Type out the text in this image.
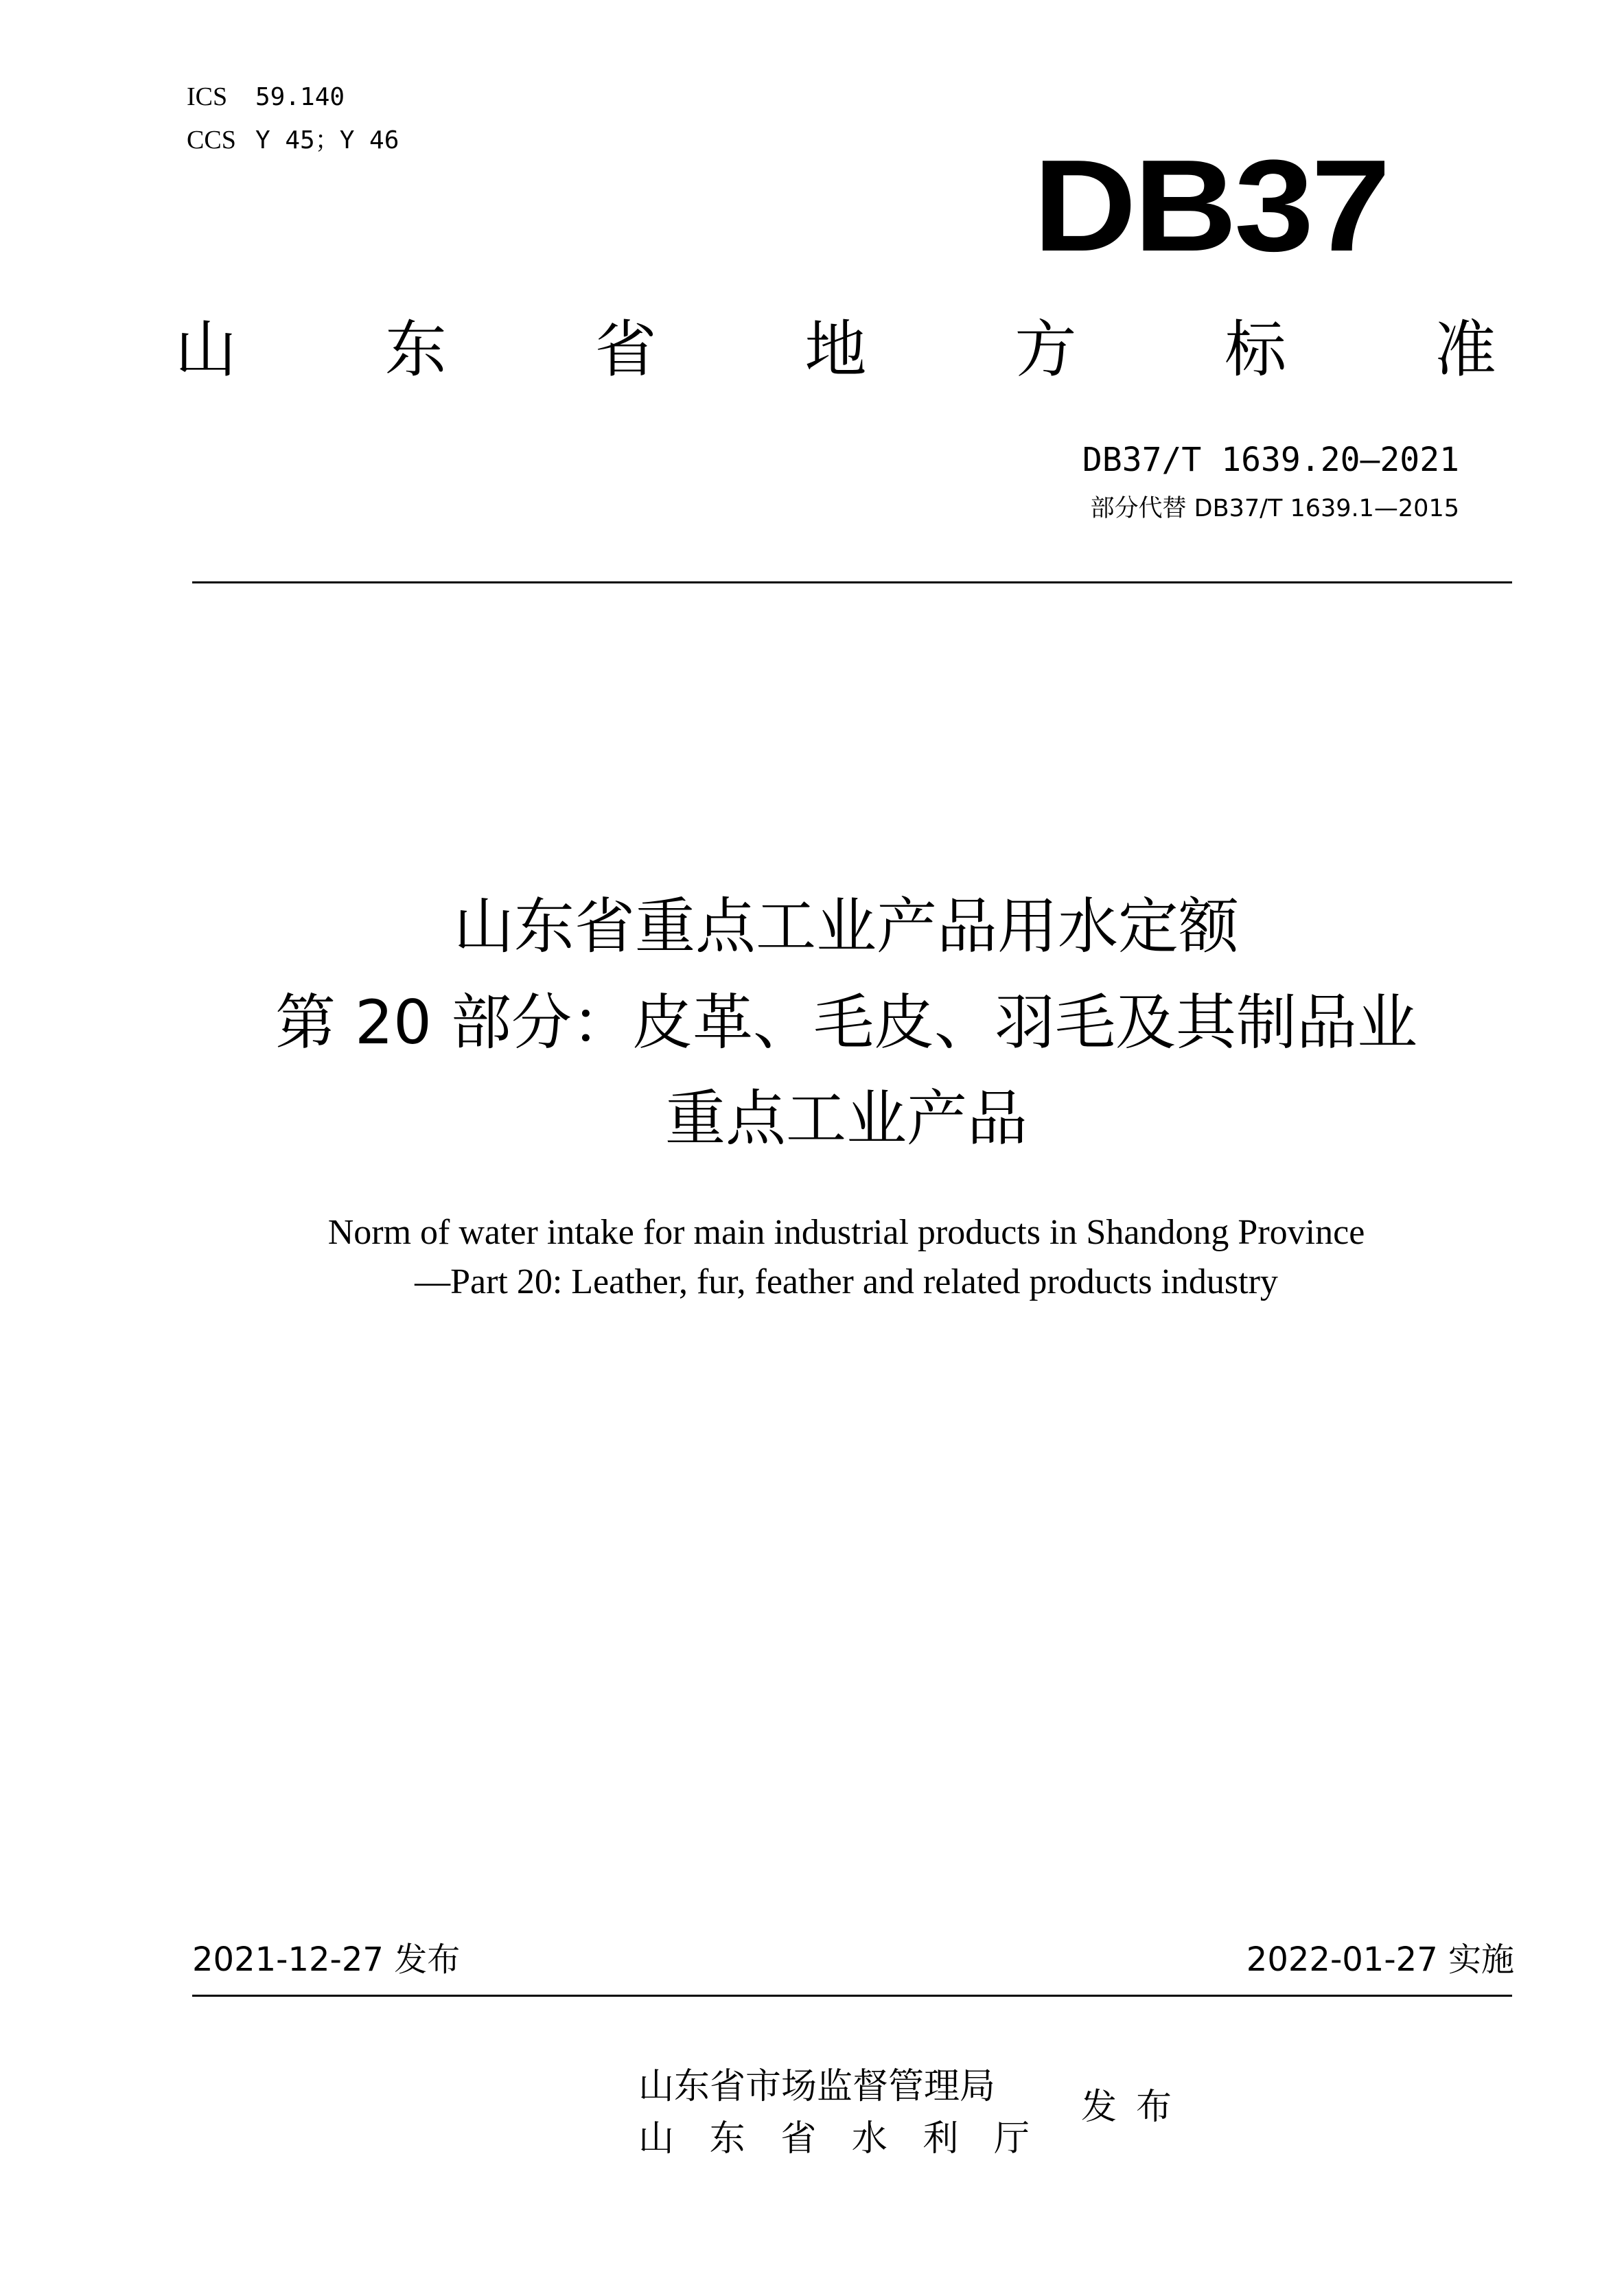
ICS 59.140
CCS Y 45；Y 46	DB37
山 东 省 地 方 标 准
DB37/T 1639.20—2021
部分代替 DB37/T 1639.1—2015
山东省重点工业产品用水定额
第 20 部分：皮革、毛皮、羽毛及其制品业
重点工业产品
Norm of water intake for main industrial products in Shandong Province
—Part 20: Leather, fur, feather and related products industry
2021-12-27 发布	2022-01-27 实施
山东省市场监督管理局
山 东 省 水 利 厅
发布
